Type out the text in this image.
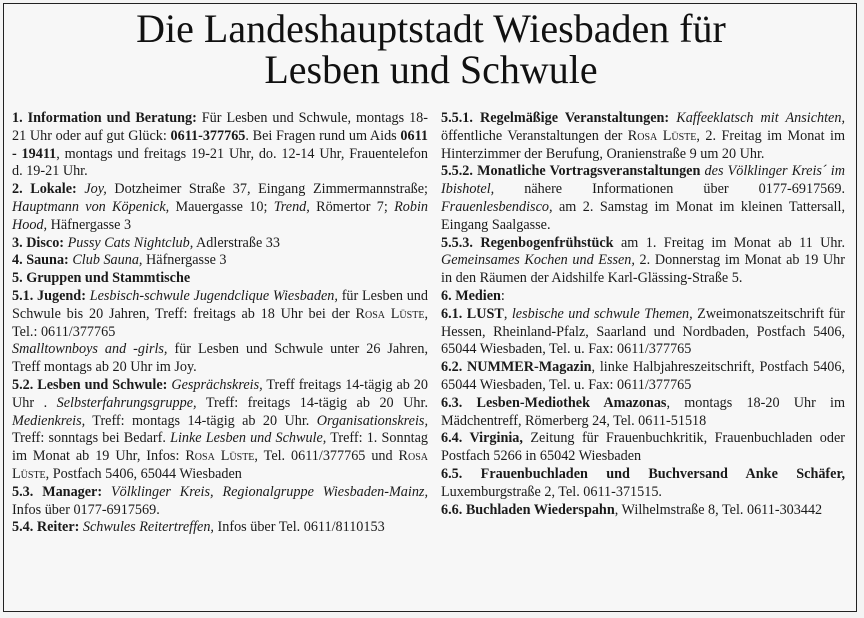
Die Landeshauptstadt Wiesbaden für
Lesben und Schwule

1. Information und Beratung: Für Lesben und Schwule, montags 18-21 Uhr oder auf gut Glück: 0611-377765. Bei Fragen rund um Aids 0611 - 19411, montags und freitags 19-21 Uhr, do. 12-14 Uhr, Frauentelefon d. 19-21 Uhr.

2. Lokale: Joy, Dotzheimer Straße 37, Eingang Zimmermannstraße; Hauptmann von Köpenick, Mauergasse 10; Trend, Römertor 7; Robin Hood, Häfnergasse 3

3. Disco: Pussy Cats Nightclub, Adlerstraße 33

4. Sauna: Club Sauna, Häfnergasse 3

5. Gruppen und Stammtische

5.1. Jugend: Lesbisch-schwule Jugendclique Wiesbaden, für Lesben und Schwule bis 20 Jahren, Treff: freitags ab 18 Uhr bei der Rosa Lüste, Tel.: 0611/377765
Smalltownboys and -girls, für Lesben und Schwule unter 26 Jahren, Treff montags ab 20 Uhr im Joy.

5.2. Lesben und Schwule: Gesprächskreis, Treff freitags 14-tägig ab 20 Uhr . Selbsterfahrungsgruppe, Treff: freitags 14-tägig ab 20 Uhr. Medienkreis, Treff: montags 14-tägig ab 20 Uhr. Organisationskreis, Treff: sonntags bei Bedarf. Linke Lesben und Schwule, Treff: 1. Sonntag im Monat ab 19 Uhr, Infos: Rosa Lüste, Tel. 0611/377765 und Rosa Lüste, Postfach 5406, 65044 Wiesbaden

5.3. Manager: Völklinger Kreis, Regionalgruppe Wiesbaden-Mainz, Infos über 0177-6917569.

5.4. Reiter: Schwules Reitertreffen, Infos über Tel. 0611/8110153

5.5.1. Regelmäßige Veranstaltungen: Kaffeeklatsch mit Ansichten, öffentliche Veranstaltungen der Rosa Lüste, 2. Freitag im Monat im Hinterzimmer der Berufung, Oranienstraße 9 um 20 Uhr.

5.5.2. Monatliche Vortragsveranstaltungen des Völklinger Kreis´ im Ibishotel, nähere Informationen über 0177-6917569. Frauenlesbendisco, am 2. Samstag im Monat im kleinen Tattersall, Eingang Saalgasse.

5.5.3. Regenbogenfrühstück am 1. Freitag im Monat ab 11 Uhr. Gemeinsames Kochen und Essen, 2. Donnerstag im Monat ab 19 Uhr in den Räumen der Aidshilfe Karl-Glässing-Straße 5.

6. Medien:

6.1. LUST, lesbische und schwule Themen, Zweimonatszeitschrift für Hessen, Rheinland-Pfalz, Saarland und Nordbaden, Postfach 5406, 65044 Wiesbaden, Tel. u. Fax: 0611/377765

6.2. NUMMER-Magazin, linke Halbjahreszeitschrift, Postfach 5406, 65044 Wiesbaden, Tel. u. Fax: 0611/377765

6.3. Lesben-Mediothek Amazonas, montags 18-20 Uhr im Mädchentreff, Römerberg 24, Tel. 0611-51518

6.4. Virginia, Zeitung für Frauenbuchkritik, Frauenbuchladen oder Postfach 5266 in 65042 Wiesbaden

6.5. Frauenbuchladen und Buchversand Anke Schäfer, Luxemburgstraße 2, Tel. 0611-371515.

6.6. Buchladen Wiederspahn, Wilhelmstraße 8, Tel. 0611-303442
